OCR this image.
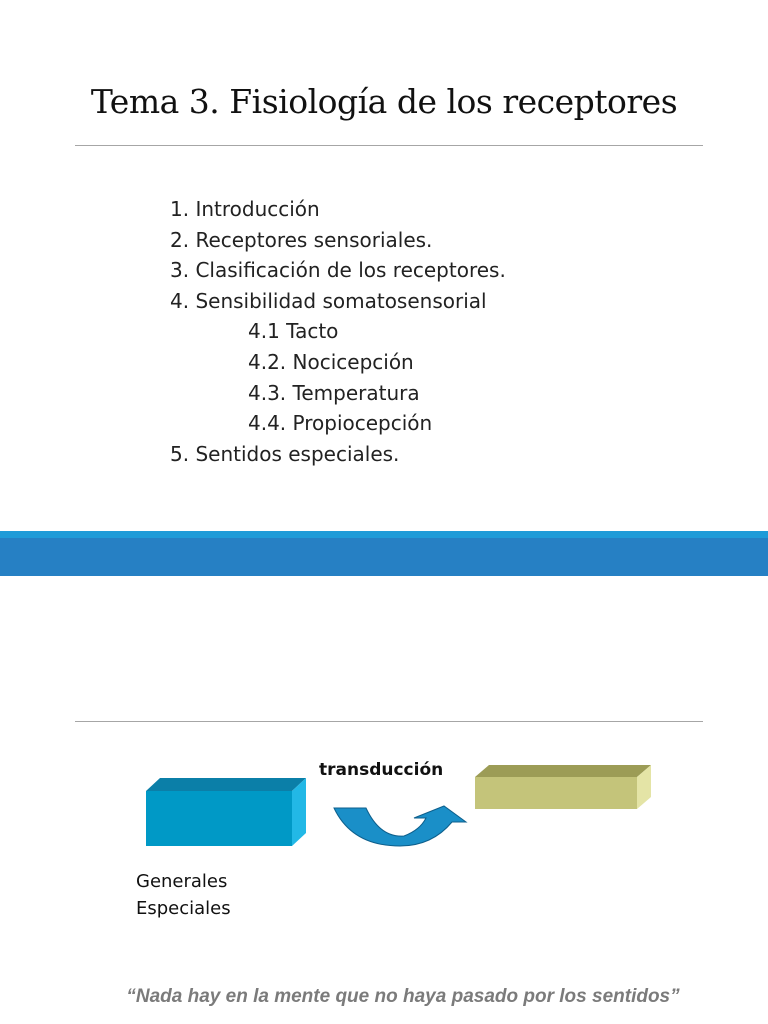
Tema 3. Fisiología de los receptores
1. Introducción
2. Receptores sensoriales.
3. Clasificación de los receptores.
4. Sensibilidad somatosensorial
4.1 Tacto
4.2. Nocicepción
4.3. Temperatura
4.4. Propiocepción
5. Sentidos especiales.
transducción
Generales
Especiales
“Nada hay en la mente que no haya pasado por los sentidos”
